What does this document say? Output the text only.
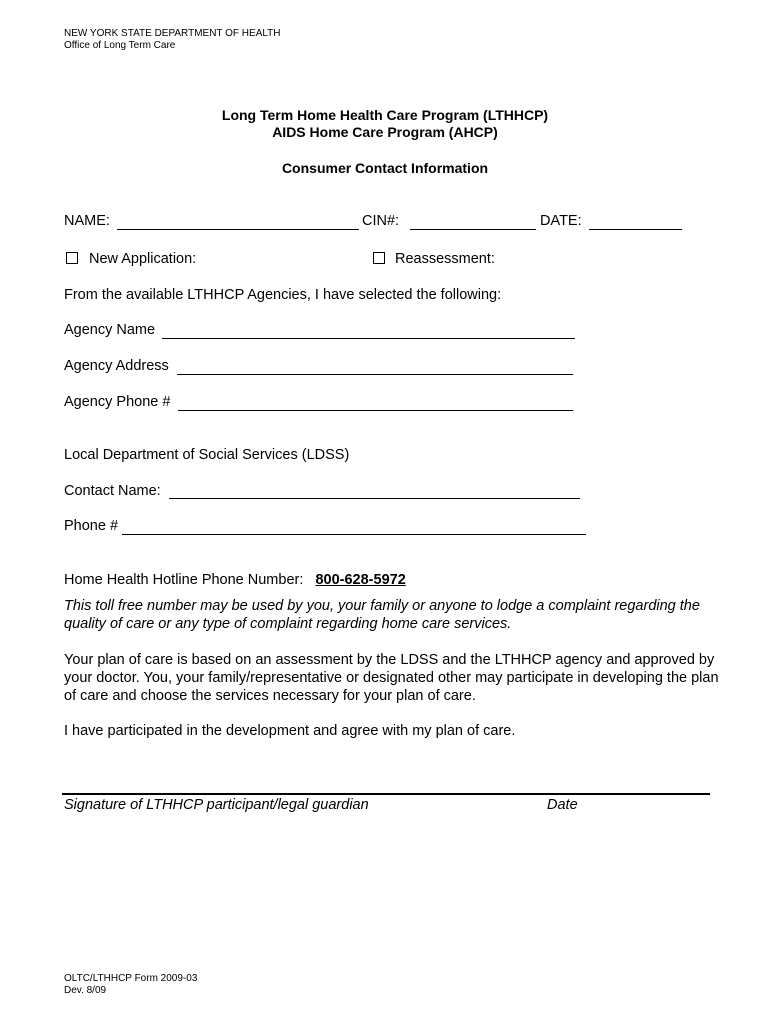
NEW YORK STATE DEPARTMENT OF HEALTH
Office of Long Term Care
Long Term Home Health Care Program (LTHHCP)
AIDS Home Care Program (AHCP)
Consumer Contact Information
NAME:	CIN#:	DATE:
New Application:	Reassessment:
From the available LTHHCP Agencies, I have selected the following:
Agency Name
Agency Address
Agency Phone #
Local Department of Social Services (LDSS)
Contact Name:
Phone #
Home Health Hotline Phone Number: 800-628-5972
This toll free number may be used by you, your family or anyone to lodge a complaint regarding the quality of care or any type of complaint regarding home care services.
Your plan of care is based on an assessment by the LDSS and the LTHHCP agency and approved by your doctor. You, your family/representative or designated other may participate in developing the plan of care and choose the services necessary for your plan of care.
I have participated in the development and agree with my plan of care.
Signature of LTHHCP participant/legal guardian	Date
OLTC/LTHHCP Form 2009-03
Dev. 8/09
